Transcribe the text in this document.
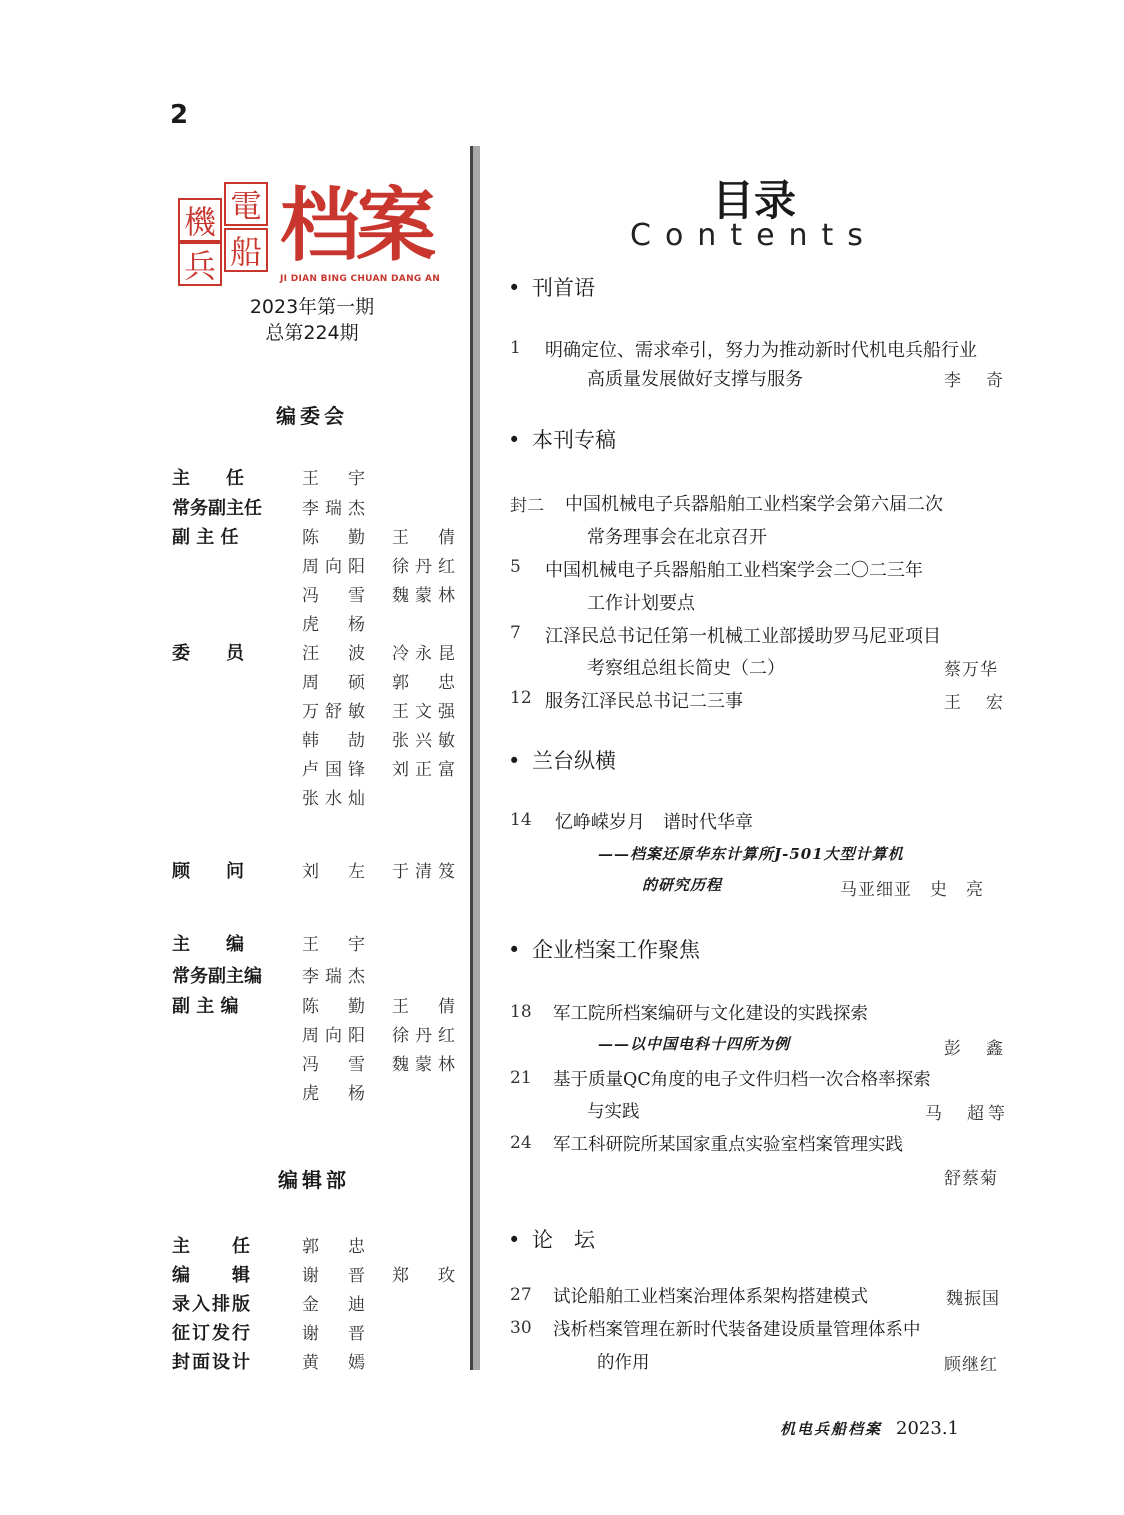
2
電
機
兵 船 档案
JI DIAN BING CHUAN DANG AN
2023年第一期
总第224期
编委会
主　　任	王　宇
常务副主任 李瑞杰
副 主 任	陈　勤 王　倩
周向阳 徐丹红
冯　雪 魏蒙林
虎　杨
委　　员	汪　波 冷永昆
周　硕 郭　忠
万舒敏 王文强
韩　劼 张兴敏
卢国锋 刘正富
张水灿
顾　　问	刘　左 于清笈
主　　编	王　宇
常务副主编 李瑞杰
副 主 编	陈　勤 王　倩
周向阳 徐丹红
冯　雪 魏蒙林
虎　杨
编辑部
主　　任	郭　忠
编　　辑	谢　晋 郑　玫
录入排版	金　迪
征订发行	谢　晋
封面设计	黄　嫣
目录
Contents
• 刊首语
1 明确定位、需求牵引，努力为推动新时代机电兵船行业
高质量发展做好支撑与服务	李　奇
• 本刊专稿
封二 中国机械电子兵器船舶工业档案学会第六届二次
常务理事会在北京召开
5 中国机械电子兵器船舶工业档案学会二〇二三年
工作计划要点
7 江泽民总书记任第一机械工业部援助罗马尼亚项目
考察组总组长简史（二）	蔡万华
12 服务江泽民总书记二三事	王　宏
• 兰台纵横
14 忆峥嵘岁月　谱时代华章
——档案还原华东计算所J-501大型计算机
的研究历程	马亚细亚　史　亮
• 企业档案工作聚焦
18 军工院所档案编研与文化建设的实践探索
——以中国电科十四所为例	彭　鑫
21 基于质量QC角度的电子文件归档一次合格率探索
与实践	马　超等
24 军工科研院所某国家重点实验室档案管理实践
舒蔡菊
• 论　坛
27 试论船舶工业档案治理体系架构搭建模式	魏振国
30 浅析档案管理在新时代装备建设质量管理体系中
的作用	顾继红
机电兵船档案 2023.1
